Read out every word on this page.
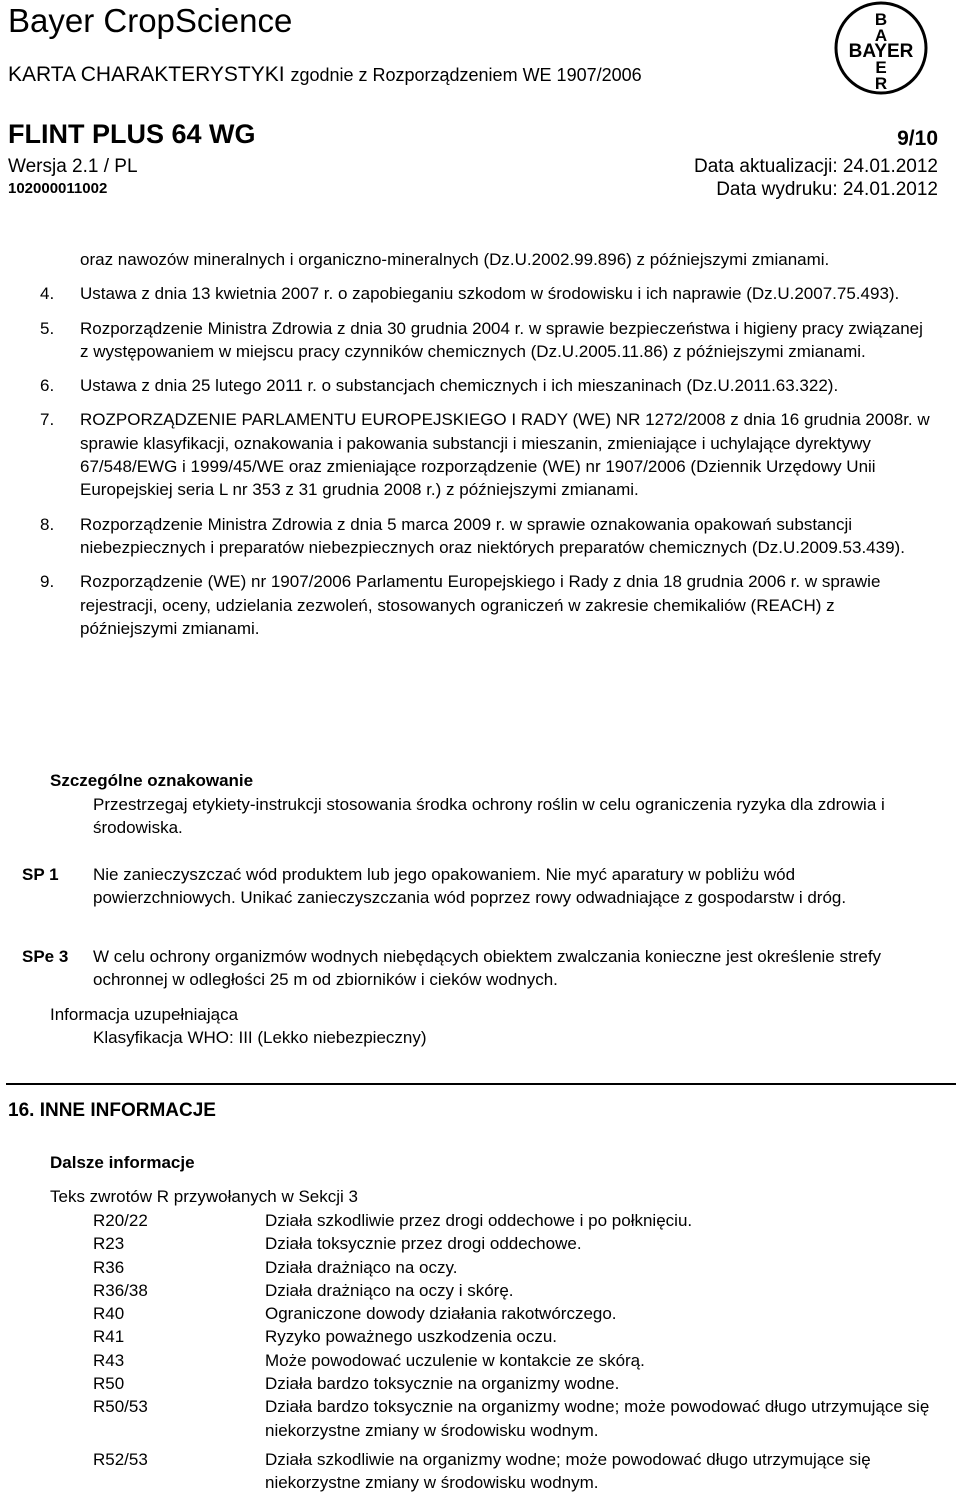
Bayer CropScience
KARTA CHARAKTERYSTYKI zgodnie z Rozporządzeniem WE 1907/2006
FLINT PLUS 64 WG	9/10
Wersja 2.1 / PL	Data aktualizacji: 24.01.2012
102000011002	Data wydruku: 24.01.2012
B
A
E
R
BAYER
oraz nawozów mineralnych i organiczno-mineralnych (Dz.U.2002.99.896) z późniejszymi zmianami.
4.	Ustawa z dnia 13 kwietnia 2007 r. o zapobieganiu szkodom w środowisku i ich naprawie (Dz.U.2007.75.493).
5.	Rozporządzenie Ministra Zdrowia z dnia 30 grudnia 2004 r. w sprawie bezpieczeństwa i higieny pracy związanej z występowaniem w miejscu pracy czynników chemicznych (Dz.U.2005.11.86) z późniejszymi zmianami.
6.	Ustawa z dnia 25 lutego 2011 r. o substancjach chemicznych i ich mieszaninach (Dz.U.2011.63.322).
7.	ROZPORZĄDZENIE PARLAMENTU EUROPEJSKIEGO I RADY (WE) NR 1272/2008 z dnia 16 grudnia 2008r. w sprawie klasyfikacji, oznakowania i pakowania substancji i mieszanin, zmieniające i uchylające dyrektywy 67/548/EWG i 1999/45/WE oraz zmieniające rozporządzenie (WE) nr 1907/2006 (Dziennik Urzędowy Unii Europejskiej seria L nr 353 z 31 grudnia 2008 r.) z późniejszymi zmianami.
8.	Rozporządzenie Ministra Zdrowia z dnia 5 marca 2009 r. w sprawie oznakowania opakowań substancji niebezpiecznych i preparatów niebezpiecznych oraz niektórych preparatów chemicznych (Dz.U.2009.53.439).
9.	Rozporządzenie (WE) nr 1907/2006 Parlamentu Europejskiego i Rady z dnia 18 grudnia 2006 r. w sprawie rejestracji, oceny, udzielania zezwoleń, stosowanych ograniczeń w zakresie chemikaliów (REACH) z późniejszymi zmianami.
Szczególne oznakowanie
Przestrzegaj etykiety-instrukcji stosowania środka ochrony roślin w celu ograniczenia ryzyka dla zdrowia i środowiska.
SP 1	Nie zanieczyszczać wód produktem lub jego opakowaniem. Nie myć aparatury w pobliżu wód powierzchniowych. Unikać zanieczyszczania wód poprzez rowy odwadniające z gospodarstw i dróg.
SPe 3	W celu ochrony organizmów wodnych niebędących obiektem zwalczania konieczne jest określenie strefy ochronnej w odległości 25 m od zbiorników i cieków wodnych.
Informacja uzupełniająca
Klasyfikacja WHO: III (Lekko niebezpieczny)
16. INNE INFORMACJE
Dalsze informacje
Teks zwrotów R przywołanych w Sekcji 3
R20/22	Działa szkodliwie przez drogi oddechowe i po połknięciu.
R23	Działa toksycznie przez drogi oddechowe.
R36	Działa drażniąco na oczy.
R36/38	Działa drażniąco na oczy i skórę.
R40	Ograniczone dowody działania rakotwórczego.
R41	Ryzyko poważnego uszkodzenia oczu.
R43	Może powodować uczulenie w kontakcie ze skórą.
R50	Działa bardzo toksycznie na organizmy wodne.
R50/53	Działa bardzo toksycznie na organizmy wodne; może powodować długo utrzymujące się niekorzystne zmiany w środowisku wodnym.
R52/53	Działa szkodliwie na organizmy wodne; może powodować długo utrzymujące się niekorzystne zmiany w środowisku wodnym.
